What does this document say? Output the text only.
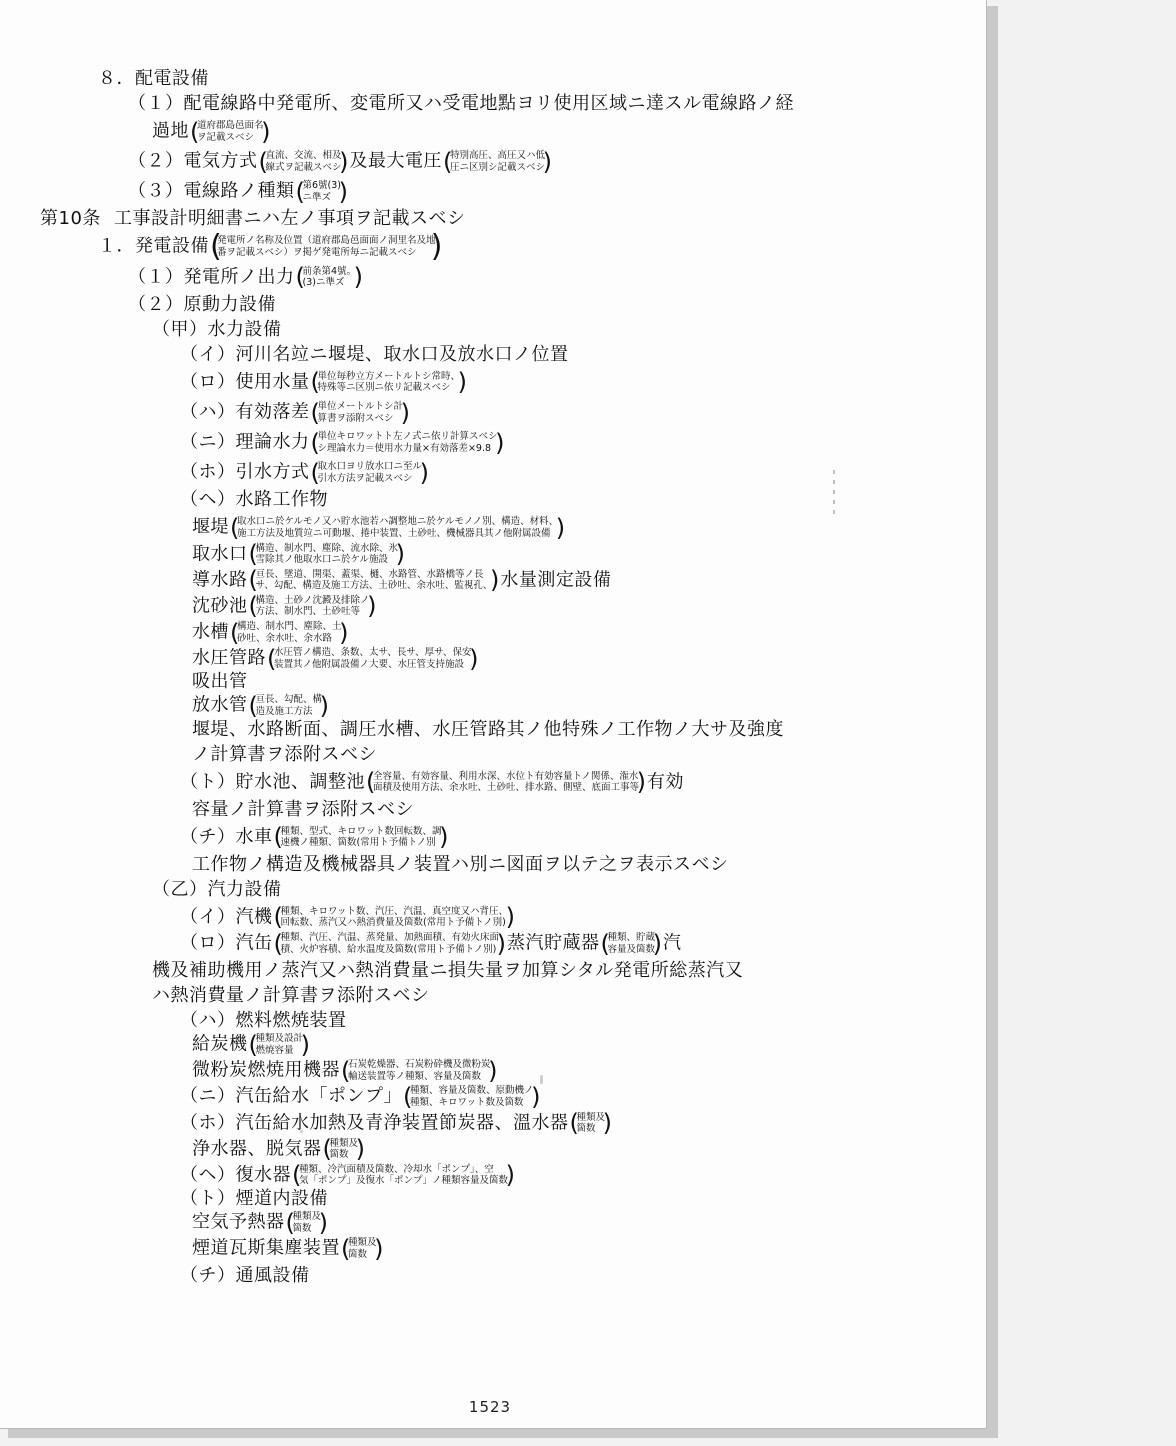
８．配電設備
（１）配電線路中発電所、変電所又ハ受電地點ヨリ使用区域ニ達スル電線路ノ経
過地 ( 道府郡島邑面名
ヲ記載スベシ
)
（２）電気方式 ( 直流、交流、相及
線式ヲ記載スベシ
) 及最大電圧 ( 特別高圧、高圧又ハ低
圧ニ区別シ記載スベシ
)
（３）電線路ノ種類 ( 第6號(3)
ニ準ズ
)
第10条 工事設計明細書ニハ左ノ事項ヲ記載スベシ
１．発電設備 ( 発電所ノ名称及位置（道府郡島邑面面ノ洞里名及地
番ヲ記載スベシ）ヲ掲ゲ発電所毎ニ記載スベシ
)
（１）発電所ノ出力 ( 前条第4號。
(3)ニ準ズ
)
（２）原動力設備
（甲）水力設備
（イ）河川名竝ニ堰堤、取水口及放水口ノ位置
（ロ）使用水量 ( 単位毎秒立方メートルトシ常時、
特殊等ニ区別ニ依リ記載スベシ
)
（ハ）有効落差 ( 単位メートルトシ計
算書ヲ添附スベシ
)
（ニ）理論水力 ( 単位キロワットト左ノ式ニ依リ計算スベシ
シ理論水力＝使用水力量×有効落差×9.8
)
（ホ）引水方式 ( 取水口ヨリ放水口ニ至ル
引水方法ヲ記載スベシ
)
（ヘ）水路工作物
堰堤 ( 取水口ニ於ケルモノ又ハ貯水池若ハ調整地ニ於ケルモノノ別、構造、材料、
施工方法及地質竝ニ可動堰、捲中装置、土砂吐、機械器具其ノ他附属設備
)
取水口 ( 構造、制水門、塵除、流水除、氷
雪除其ノ他取水口ニ於ケル施設
)
導水路 ( 亘長、墜道、開渠、蓋渠、樋、水路管、水路橋等ノ長
サ、勾配、構造及施工方法、土砂吐、余水吐、監視孔、
) 水量測定設備
沈砂池 ( 構造、土砂ノ沈澱及排除ノ
方法、制水門、土砂吐等
)
水槽 ( 構造、制水門、塵除、土
砂吐、余水吐、余水路
)
水圧管路 ( 水圧管ノ構造、条数、太サ、長サ、厚サ、保安
装置其ノ他附属設備ノ大要、水圧管支持施設
)
吸出管
放水管 ( 亘長、勾配、構
造及施工方法
)
堰堤、水路断面、調圧水槽、水圧管路其ノ他特殊ノ工作物ノ大サ及強度
ノ計算書ヲ添附スベシ
（ト）貯水池、調整池 ( 全容量、有効容量、利用水深、水位ト有効容量トノ関係、潅水
面積及使用方法、余水吐、土砂吐、排水路、側壁、底面工事等
) 有効
容量ノ計算書ヲ添附スベシ
（チ）水車 ( 種類、型式、キロワット数回転数、調
速機ノ種類、箇数(常用ト予備トノ別
)
工作物ノ構造及機械器具ノ装置ハ別ニ図面ヲ以テ之ヲ表示スベシ
（乙）汽力設備
（イ）汽機 ( 種類、キロワット数、汽圧、汽温、真空度又ハ背圧、
回転数、蒸汽又ハ熱消費量及箇数(常用ト予備トノ別)
)
（ロ）汽缶 ( 種類、汽圧、汽温、蒸発量、加熱面積、有効火床面
積、火炉容積、給水温度及箇数(常用ト予備トノ別)
) 蒸汽貯蔵器 ( 種類、貯蔵
容量及箇数
) 汽
機及補助機用ノ蒸汽又ハ熱消費量ニ損失量ヲ加算シタル発電所総蒸汽又
ハ熱消費量ノ計算書ヲ添附スベシ
（ハ）燃料燃焼装置
給炭機 ( 種類及設計
燃焼容量
)
微粉炭燃焼用機器 ( 石炭乾燥器、石炭粉砕機及微粉炭
輸送装置等ノ種類、容量及箇数
)
（ニ）汽缶給水「ポンプ」 ( 種類、容量及箇数、原動機ノ
種類、キロワット数及箇数
)
（ホ）汽缶給水加熱及青浄装置節炭器、溫水器 ( 種類及
箇数
)
浄水器、脱気器 ( 種類及
箇数
)
（ヘ）復水器 ( 種類、冷汽面積及箇数、冷却水「ポンプ」、空
気「ポンプ」及復水「ポンプ」ノ種類容量及箇数
)
（ト）煙道内設備
空気予熱器 ( 種類及
箇数
)
煙道瓦斯集塵装置 ( 種類及
箇数
)
（チ）通風設備
1523
